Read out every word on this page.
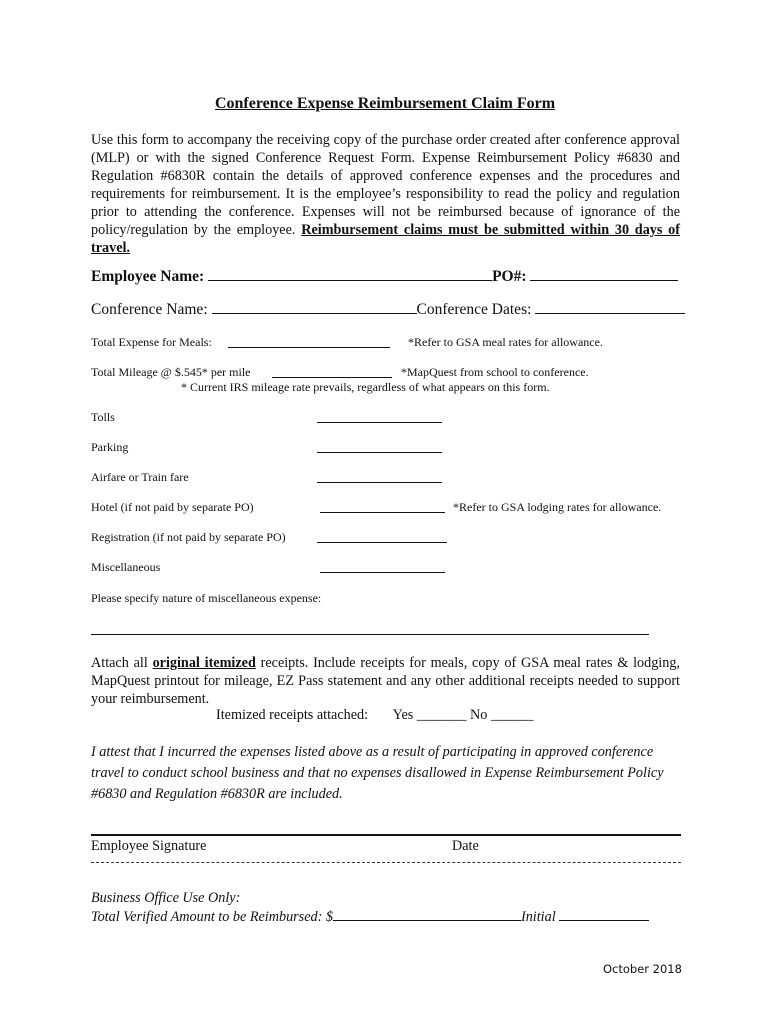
Conference Expense Reimbursement Claim Form
Use this form to accompany the receiving copy of the purchase order created after conference approval (MLP) or with the signed Conference Request Form. Expense Reimbursement Policy #6830 and Regulation #6830R contain the details of approved conference expenses and the procedures and requirements for reimbursement. It is the employee’s responsibility to read the policy and regulation prior to attending the conference. Expenses will not be reimbursed because of ignorance of the policy/regulation by the employee. Reimbursement claims must be submitted within 30 days of travel.
Employee Name:	PO#:
Conference Name:	Conference Dates:
Total Expense for Meals:	*Refer to GSA meal rates for allowance.
Total Mileage @ $.545* per mile	*MapQuest from school to conference.
* Current IRS mileage rate prevails, regardless of what appears on this form.
Tolls
Parking
Airfare or Train fare
Hotel (if not paid by separate PO)	*Refer to GSA lodging rates for allowance.
Registration (if not paid by separate PO)
Miscellaneous
Please specify nature of miscellaneous expense:
Attach all original itemized receipts. Include receipts for meals, copy of GSA meal rates & lodging, MapQuest printout for mileage, EZ Pass statement and any other additional receipts needed to support your reimbursement.
Itemized receipts attached: Yes _______ No ______
I attest that I incurred the expenses listed above as a result of participating in approved conference travel to conduct school business and that no expenses disallowed in Expense Reimbursement Policy #6830 and Regulation #6830R are included.
Employee Signature	Date
Business Office Use Only:
Total Verified Amount to be Reimbursed: $	Initial
October 2018
